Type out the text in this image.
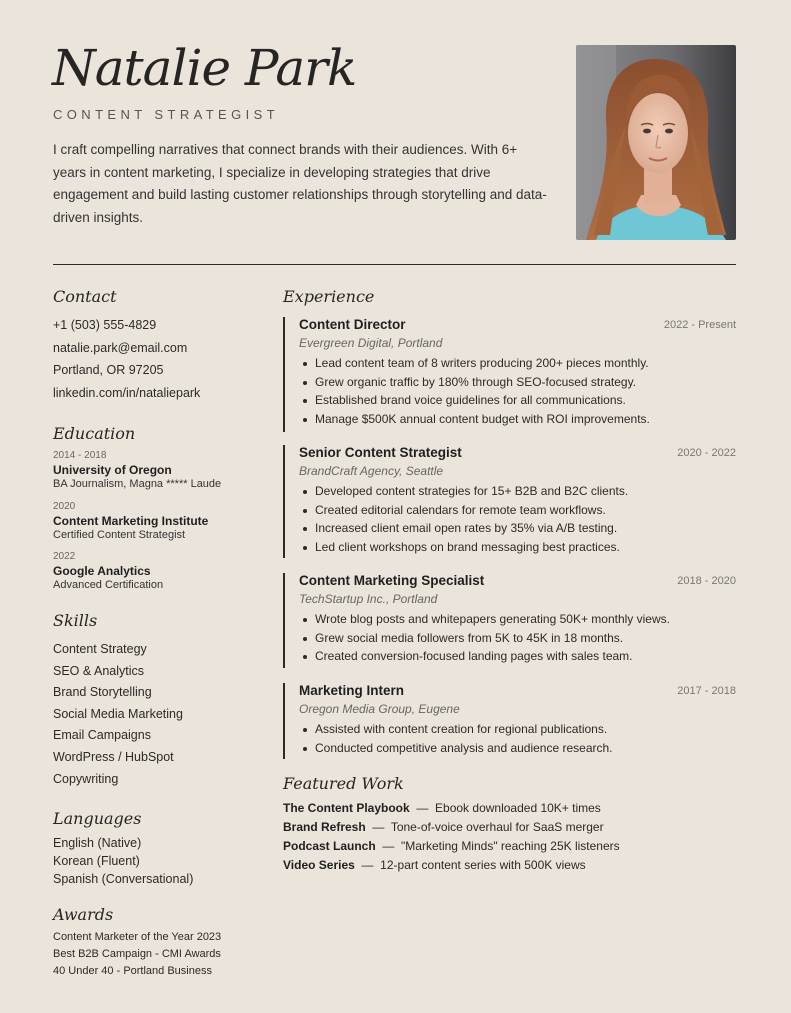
Natalie Park
CONTENT STRATEGIST

I craft compelling narratives that connect brands with their audiences. With 6+ years in content marketing, I specialize in developing strategies that drive engagement and build lasting customer relationships through storytelling and data-driven insights.

Contact
+1 (503) 555-4829
natalie.park@email.com
Portland, OR 97205
linkedin.com/in/nataliepark
Education
2014 - 2018
University of Oregon
BA Journalism, Magna ***** Laude
2020
Content Marketing Institute
Certified Content Strategist
2022
Google Analytics
Advanced Certification
Skills
Content Strategy
SEO & Analytics
Brand Storytelling
Social Media Marketing
Email Campaigns
WordPress / HubSpot
Copywriting
Languages
English (Native)
Korean (Fluent)
Spanish (Conversational)
Awards
Content Marketer of the Year 2023
Best B2B Campaign - CMI Awards
40 Under 40 - Portland Business
Experience
Content Director	2022 - Present
Evergreen Digital, Portland
Lead content team of 8 writers producing 200+ pieces monthly.
Grew organic traffic by 180% through SEO-focused strategy.
Established brand voice guidelines for all communications.
Manage $500K annual content budget with ROI improvements.
Senior Content Strategist	2020 - 2022
BrandCraft Agency, Seattle
Developed content strategies for 15+ B2B and B2C clients.
Created editorial calendars for remote team workflows.
Increased client email open rates by 35% via A/B testing.
Led client workshops on brand messaging best practices.
Content Marketing Specialist	2018 - 2020
TechStartup Inc., Portland
Wrote blog posts and whitepapers generating 50K+ monthly views.
Grew social media followers from 5K to 45K in 18 months.
Created conversion-focused landing pages with sales team.
Marketing Intern	2017 - 2018
Oregon Media Group, Eugene
Assisted with content creation for regional publications.
Conducted competitive analysis and audience research.
Featured Work
The Content Playbook — Ebook downloaded 10K+ times
Brand Refresh — Tone-of-voice overhaul for SaaS merger
Podcast Launch — "Marketing Minds" reaching 25K listeners
Video Series — 12-part content series with 500K views
